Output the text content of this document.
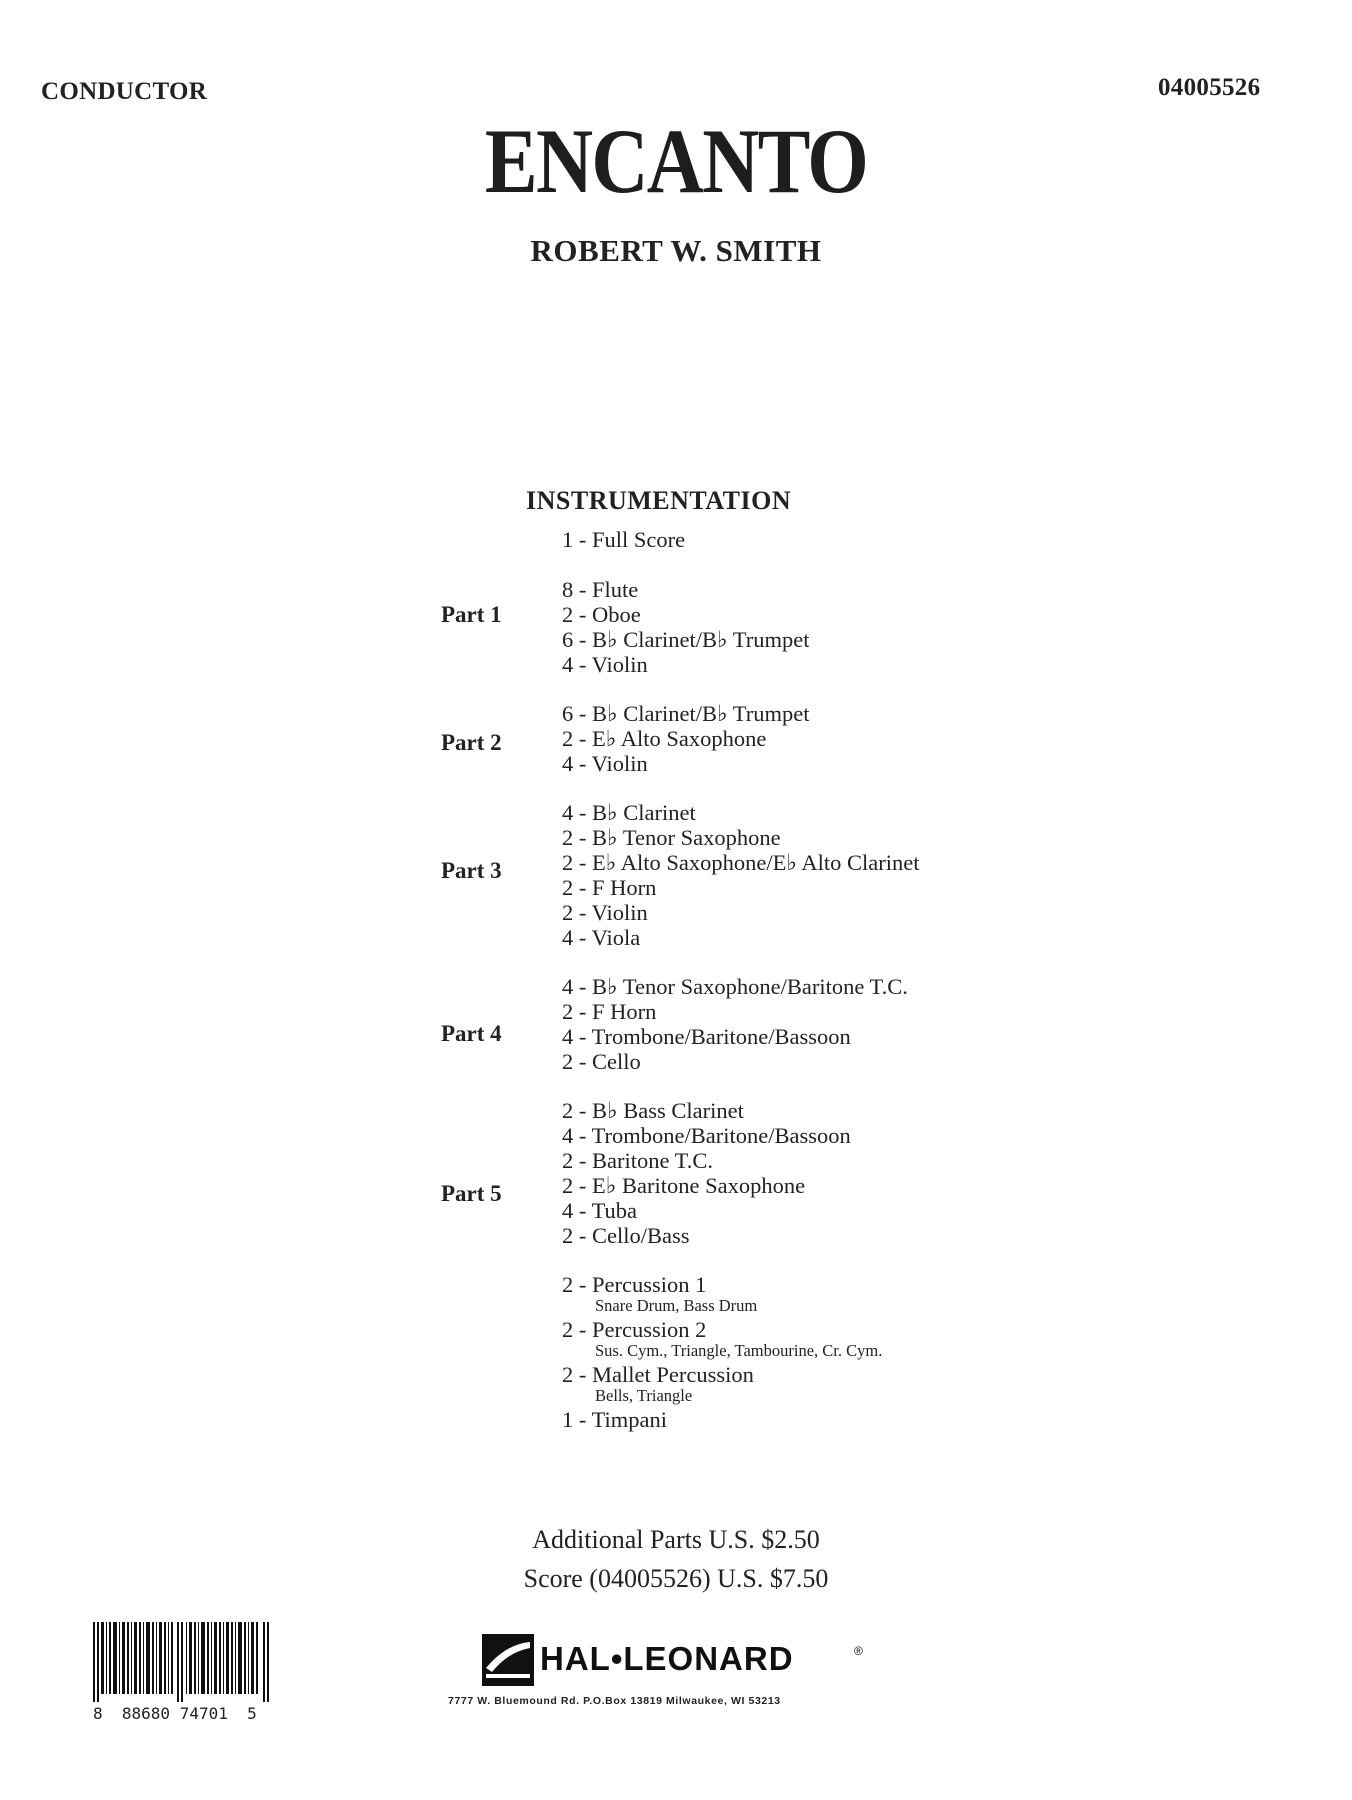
CONDUCTOR	04005526
ENCANTO
ROBERT W. SMITH
INSTRUMENTATION
1 - Full Score
Part 1
8 - Flute
2 - Oboe
6 - B♭ Clarinet/B♭ Trumpet
4 - Violin
Part 2
6 - B♭ Clarinet/B♭ Trumpet
2 - E♭ Alto Saxophone
4 - Violin
Part 3
4 - B♭ Clarinet
2 - B♭ Tenor Saxophone
2 - E♭ Alto Saxophone/E♭ Alto Clarinet
2 - F Horn
2 - Violin
4 - Viola
Part 4
4 - B♭ Tenor Saxophone/Baritone T.C.
2 - F Horn
4 - Trombone/Baritone/Bassoon
2 - Cello
Part 5
2 - B♭ Bass Clarinet
4 - Trombone/Baritone/Bassoon
2 - Baritone T.C.
2 - E♭ Baritone Saxophone
4 - Tuba
2 - Cello/Bass
2 - Percussion 1
Snare Drum, Bass Drum
2 - Percussion 2
Sus. Cym., Triangle, Tambourine, Cr. Cym.
2 - Mallet Percussion
Bells, Triangle
1 - Timpani
Additional Parts U.S. $2.50
Score (04005526) U.S. $7.50
8  88680 74701  5
HAL•LEONARD	®
7777 W. Bluemound Rd. P.O.Box 13819 Milwaukee, WI 53213
